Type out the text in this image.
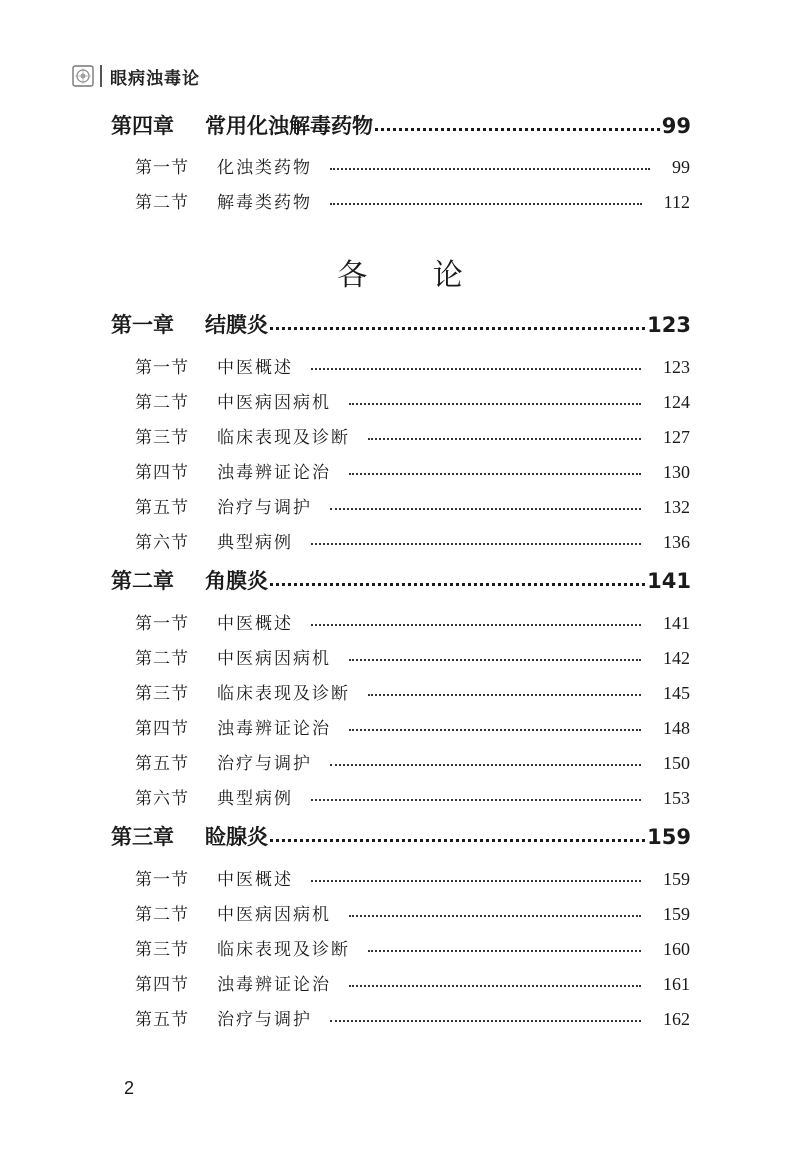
眼病浊毒论
第四章	常用化浊解毒药物	99
第一节	化浊类药物	99
第二节	解毒类药物	112
第一章	结膜炎	123
第一节	中医概述	123
第二节	中医病因病机	124
第三节	临床表现及诊断	127
第四节	浊毒辨证论治	130
第五节	治疗与调护	132
第六节	典型病例	136
第二章	角膜炎	141
第一节	中医概述	141
第二节	中医病因病机	142
第三节	临床表现及诊断	145
第四节	浊毒辨证论治	148
第五节	治疗与调护	150
第六节	典型病例	153
第三章	睑腺炎	159
第一节	中医概述	159
第二节	中医病因病机	159
第三节	临床表现及诊断	160
第四节	浊毒辨证论治	161
第五节	治疗与调护	162
各 论
2
